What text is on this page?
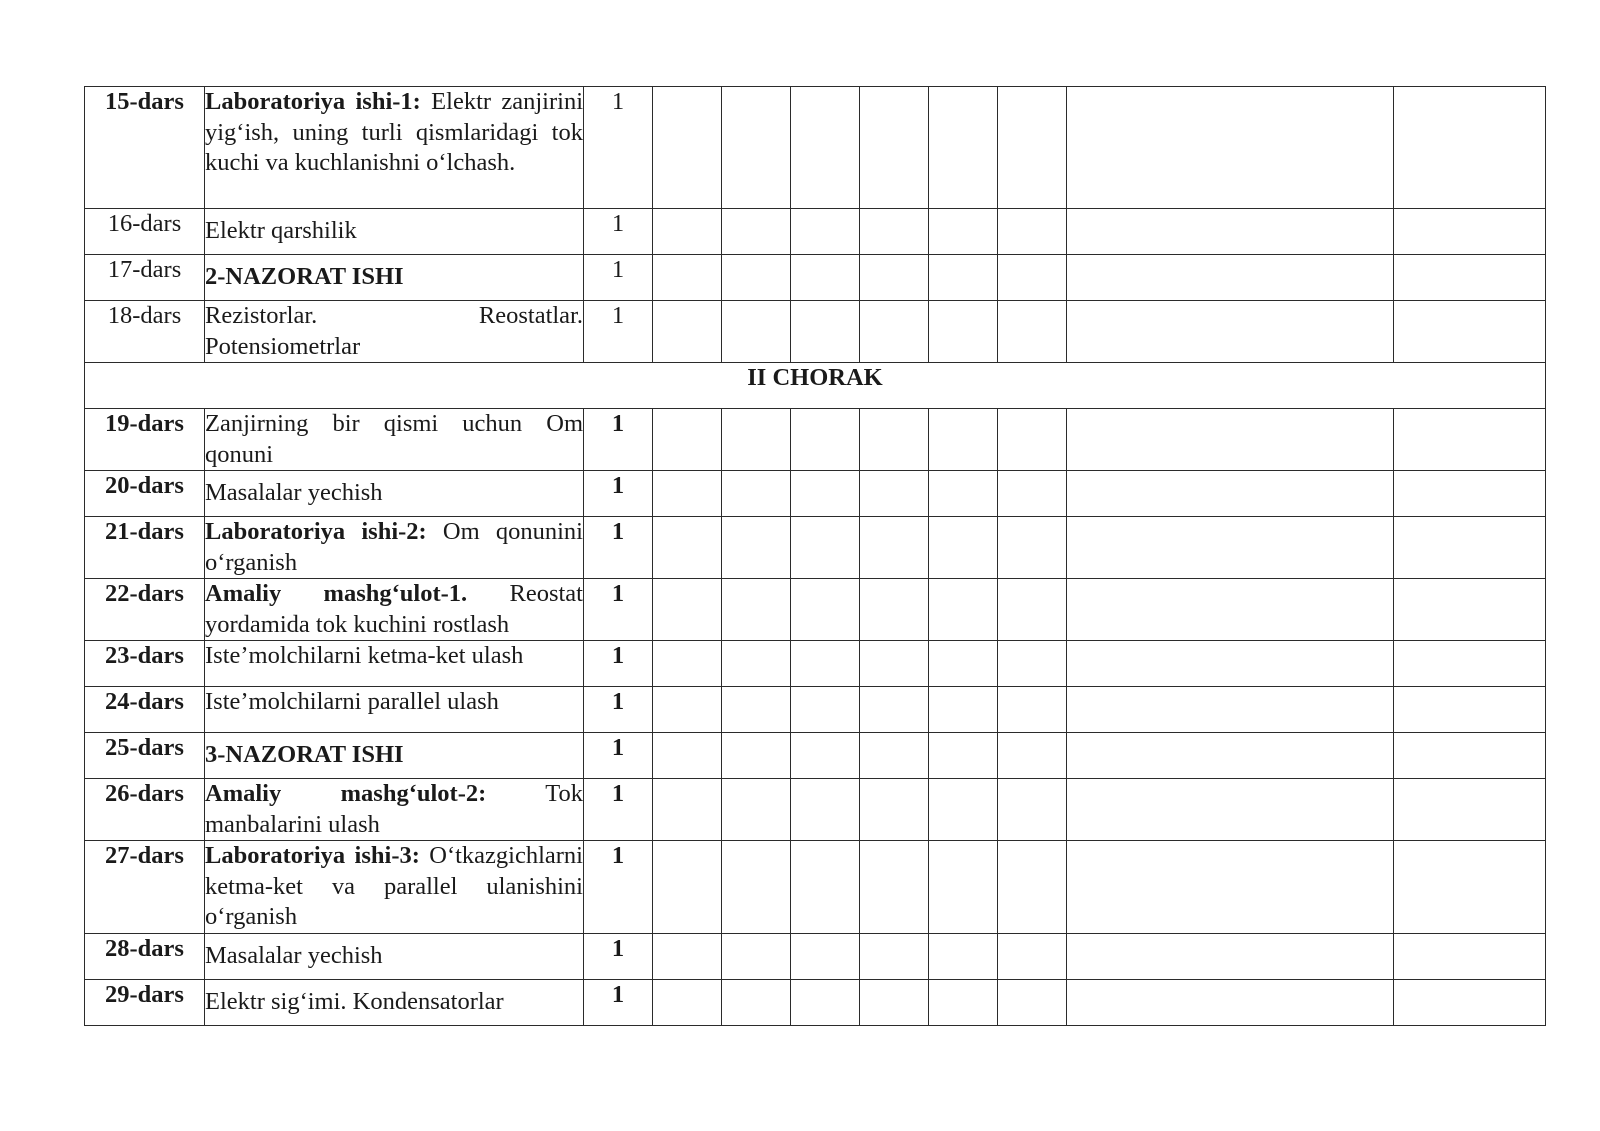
15-dars	Laboratoriya ishi-1: Elektr zanjirini yig‘ish, uning turli qismlaridagi tok kuchi va kuchlanishni o‘lchash.	1								
16-dars	Elektr qarshilik	1								
17-dars	2-NAZORAT ISHI	1								
18-dars	Rezistorlar. Reostatlar. Potensiometrlar	1								
II CHORAK										
19-dars	Zanjirning bir qismi uchun Om qonuni	1								
20-dars	Masalalar yechish	1								
21-dars	Laboratoriya ishi-2: Om qonunini o‘rganish	1								
22-dars	Amaliy mashg‘ulot-1. Reostat yordamida tok kuchini rostlash	1								
23-dars	Iste’molchilarni ketma-ket ulash	1								
24-dars	Iste’molchilarni parallel ulash	1								
25-dars	3-NAZORAT ISHI	1								
26-dars	Amaliy mashg‘ulot-2: Tok manbalarini ulash	1								
27-dars	Laboratoriya ishi-3: O‘tkazgichlarni ketma-ket va parallel ulanishini o‘rganish	1								
28-dars	Masalalar yechish	1								
29-dars	Elektr sig‘imi. Kondensatorlar	1								
